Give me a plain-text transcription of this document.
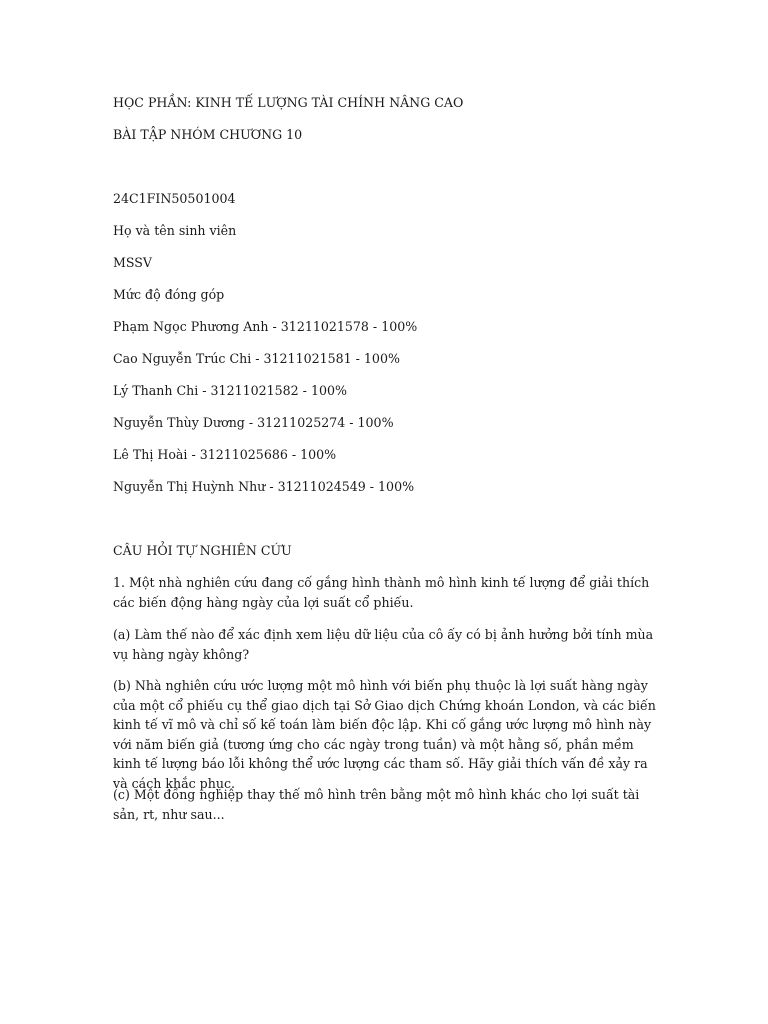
HỌC PHẦN: KINH TẾ LƯỢNG TÀI CHÍNH NÂNG CAO
BÀI TẬP NHÓM CHƯƠNG 10
24C1FIN50501004
Họ và tên sinh viên
MSSV
Mức độ đóng góp
Phạm Ngọc Phương Anh - 31211021578 - 100%
Cao Nguyễn Trúc Chi - 31211021581 - 100%
Lý Thanh Chi - 31211021582 - 100%
Nguyễn Thùy Dương - 31211025274 - 100%
Lê Thị Hoài - 31211025686 - 100%
Nguyễn Thị Huỳnh Như - 31211024549 - 100%
CÂU HỎI TỰ NGHIÊN CỨU
1. Một nhà nghiên cứu đang cố gắng hình thành mô hình kinh tế lượng để giải thích các biến động hàng ngày của lợi suất cổ phiếu.
(a) Làm thế nào để xác định xem liệu dữ liệu của cô ấy có bị ảnh hưởng bởi tính mùa vụ hàng ngày không?
(b) Nhà nghiên cứu ước lượng một mô hình với biến phụ thuộc là lợi suất hàng ngày của một cổ phiếu cụ thể giao dịch tại Sở Giao dịch Chứng khoán London, và các biến kinh tế vĩ mô và chỉ số kế toán làm biến độc lập. Khi cố gắng ước lượng mô hình này với năm biến giả (tương ứng cho các ngày trong tuần) và một hằng số, phần mềm kinh tế lượng báo lỗi không thể ước lượng các tham số. Hãy giải thích vấn đề xảy ra và cách khắc phục.
(c) Một đồng nghiệp thay thế mô hình trên bằng một mô hình khác cho lợi suất tài sản, rt, như sau...
